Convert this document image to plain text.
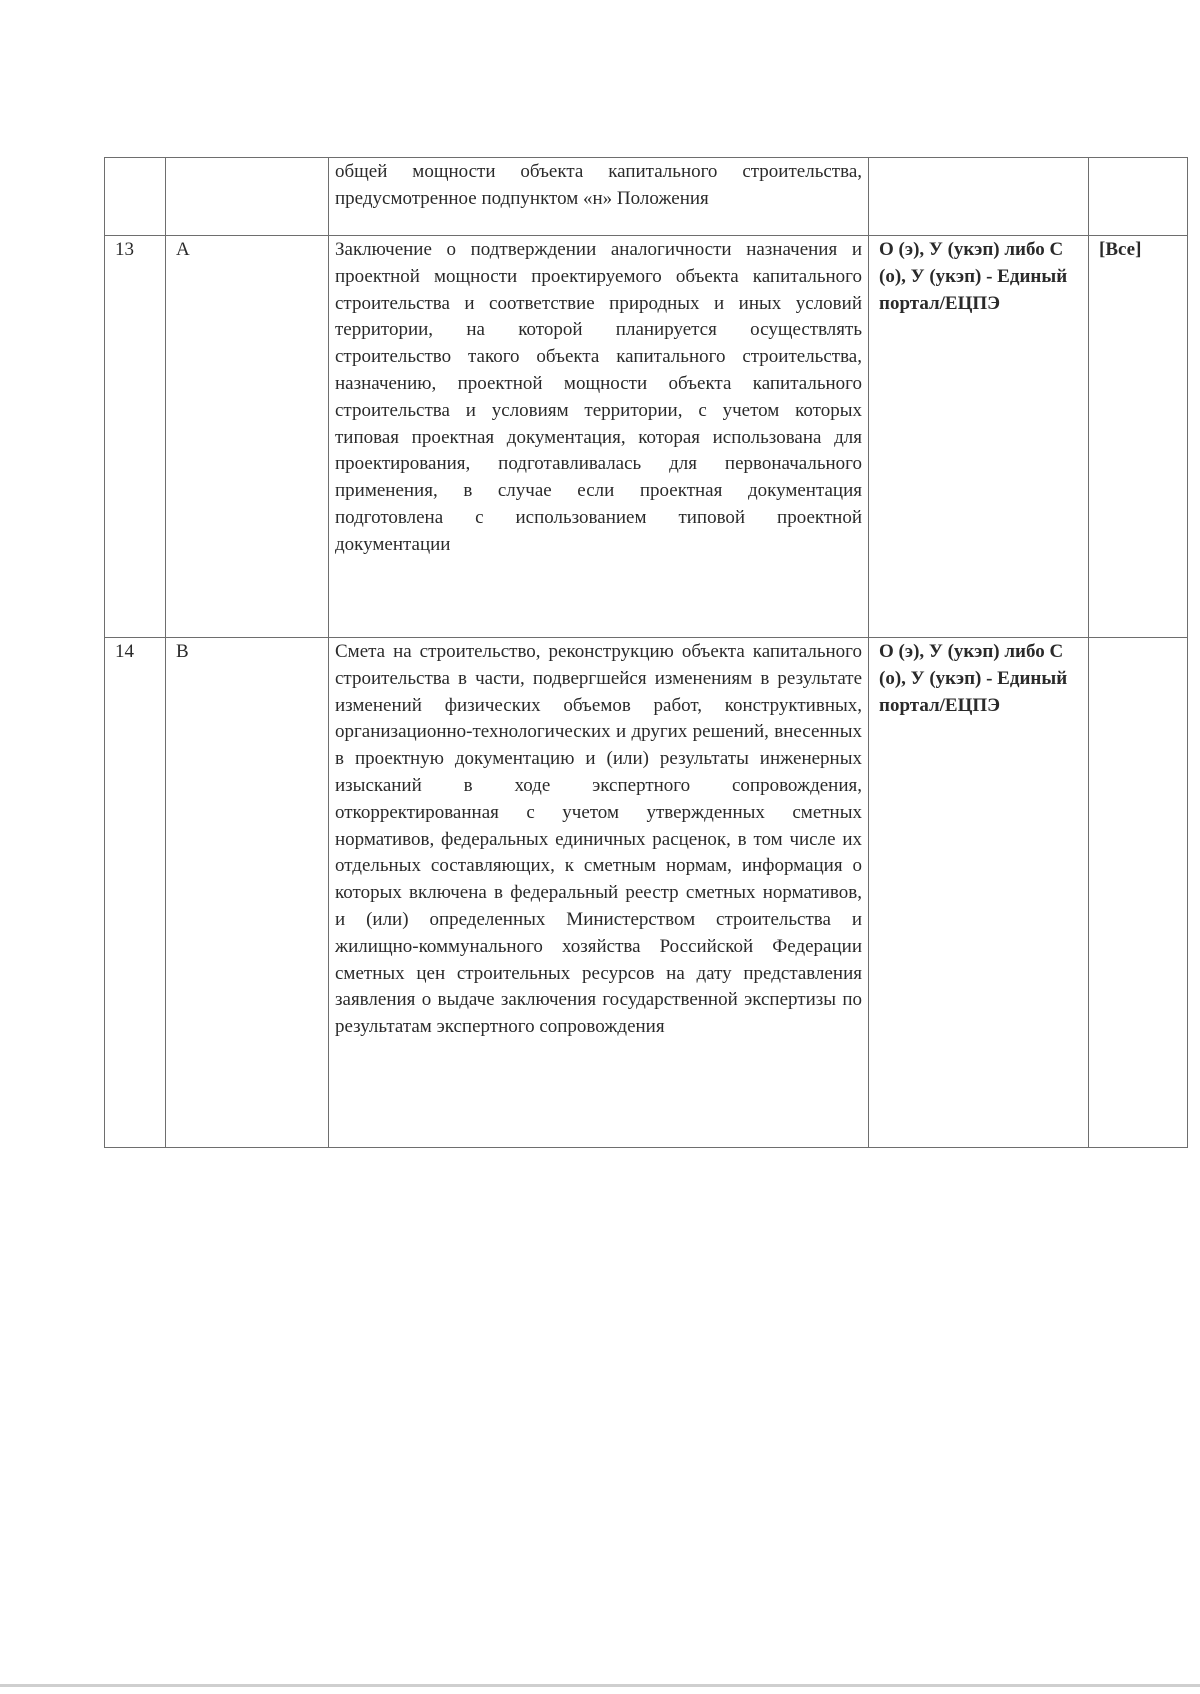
		общей мощности объекта капитального строительства, предусмотренное подпунктом «н» Положения		
13	А	Заключение о подтверждении аналогичности назначения и проектной мощности проектируемого объекта капитального строительства и соответствие природных и иных условий территории, на которой планируется осуществлять строительство такого объекта капитального строительства, назначению, проектной мощности объекта капитального строительства и условиям территории, с учетом которых типовая проектная документация, которая использована для проектирования, подготавливалась для первоначального применения, в случае если проектная документация подготовлена с использованием типовой проектной документации	О (э), У (укэп) либо С (о), У (укэп) - Единый портал/ЕЦПЭ	[Все]
14	В	Смета на строительство, реконструкцию объекта капитального строительства в части, подвергшейся изменениям в результате изменений физических объемов работ, конструктивных, организационно-технологических и других решений, внесенных в проектную документацию и (или) результаты инженерных изысканий в ходе экспертного сопровождения, откорректированная с учетом утвержденных сметных нормативов, федеральных единичных расценок, в том числе их отдельных составляющих, к сметным нормам, информация о которых включена в федеральный реестр сметных нормативов, и (или) определенных Министерством строительства и жилищно-коммунального хозяйства Российской Федерации сметных цен строительных ресурсов на дату представления заявления о выдаче заключения государственной экспертизы по результатам экспертного сопровождения	О (э), У (укэп) либо С (о), У (укэп) - Единый портал/ЕЦПЭ	
